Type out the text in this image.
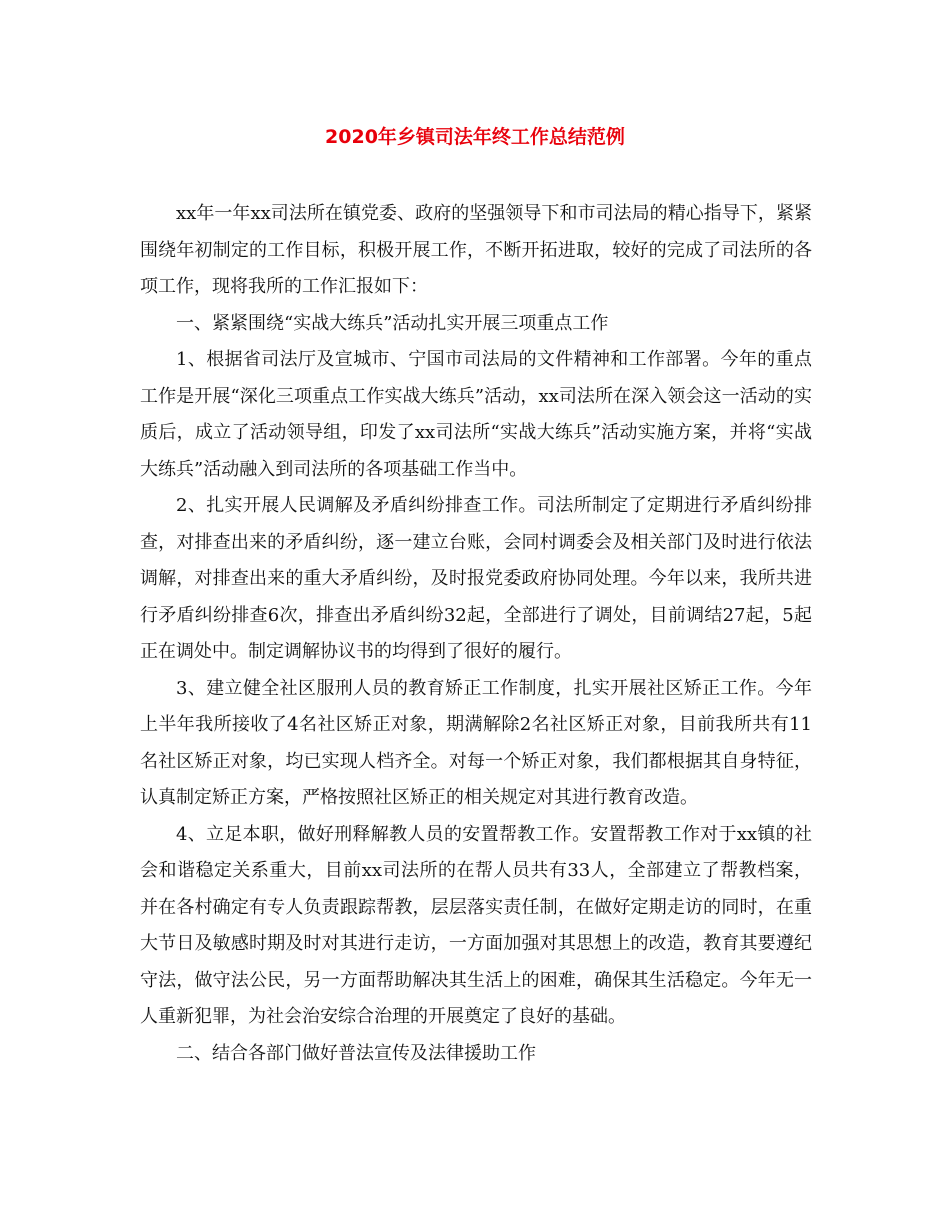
2020年乡镇司法年终工作总结范例

xx年一年xx司法所在镇党委、政府的坚强领导下和市司法局的精心指导下，紧紧围绕年初制定的工作目标，积极开展工作，不断开拓进取，较好的完成了司法所的各项工作，现将我所的工作汇报如下：

一、紧紧围绕“实战大练兵”活动扎实开展三项重点工作

1、根据省司法厅及宣城市、宁国市司法局的文件精神和工作部署。今年的重点工作是开展“深化三项重点工作实战大练兵”活动，xx司法所在深入领会这一活动的实质后，成立了活动领导组，印发了xx司法所“实战大练兵”活动实施方案，并将“实战大练兵”活动融入到司法所的各项基础工作当中。

2、扎实开展人民调解及矛盾纠纷排查工作。司法所制定了定期进行矛盾纠纷排查，对排查出来的矛盾纠纷，逐一建立台账，会同村调委会及相关部门及时进行依法调解，对排查出来的重大矛盾纠纷，及时报党委政府协同处理。今年以来，我所共进行矛盾纠纷排查6次，排查出矛盾纠纷32起，全部进行了调处，目前调结27起，5起正在调处中。制定调解协议书的均得到了很好的履行。

3、建立健全社区服刑人员的教育矫正工作制度，扎实开展社区矫正工作。今年上半年我所接收了4名社区矫正对象，期满解除2名社区矫正对象，目前我所共有11名社区矫正对象，均已实现人档齐全。对每一个矫正对象，我们都根据其自身特征，认真制定矫正方案，严格按照社区矫正的相关规定对其进行教育改造。

4、立足本职，做好刑释解教人员的安置帮教工作。安置帮教工作对于xx镇的社会和谐稳定关系重大，目前xx司法所的在帮人员共有33人，全部建立了帮教档案，并在各村确定有专人负责跟踪帮教，层层落实责任制，在做好定期走访的同时，在重大节日及敏感时期及时对其进行走访，一方面加强对其思想上的改造，教育其要遵纪守法，做守法公民，另一方面帮助解决其生活上的困难，确保其生活稳定。今年无一人重新犯罪，为社会治安综合治理的开展奠定了良好的基础。

二、结合各部门做好普法宣传及法律援助工作
